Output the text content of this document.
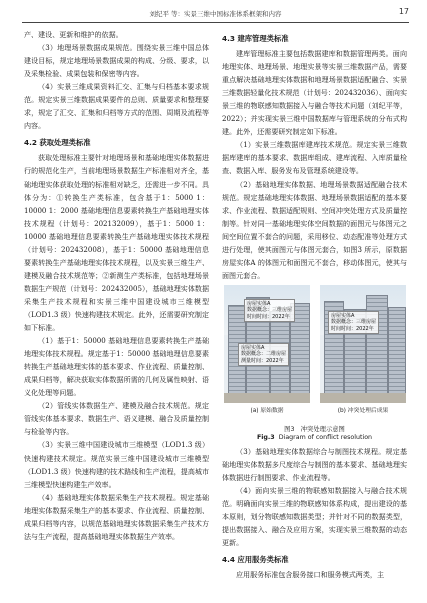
刘纪平 等：实景三维中国标准体系框架和内容	17

产、建设、更新和维护的依据。

（3）地理场景数据成果规范。围绕实景三维中国总体建设目标，规定地理场景数据成果的构成、分级、要求，以及采集检验、成果包装和保密等内容。

（4）实景三维成果资料汇交、汇集与归档基本要求规范。规定实景三维数据成果要件的总则、质量要求和整理要求，规定了汇交、汇集和归档等方式的范围、周期及流程等内容。

4.2 获取处理类标准

获取处理标准主要针对地理场景和基础地理实体数据进行的规范化生产，当前地理场景数据生产标准相对齐全，基础地理实体获取处理的标准相对缺乏，还需进一步不同。具体分为：①转换生产类标准，包含基于1：5000 1：10000 1：2000 基础地理信息要素转换生产基础地理实体技术规程（计划号：202132009），基于1：5000 1：10000 基础地理信息要素转换生产基础地理实体技术规程（计划号：202432008），基于1：50000 基础地理信息要素转换生产基础地理实体技术规程，以及实景三维生产、建模及融合技术规范等；②新测生产类标准，包括地理场景数据生产规范（计划号：202432005），基础地理实体数据采集生产技术规程和实景三维中国建设城市三维模型（LOD1.3 级）快速构建技术规定。此外，还需要研究制定如下标准。

（1）基于1：50000 基础地理信息要素转换生产基础地理实体技术规程。规定基于1：50000 基础地理信息要素转换生产基础地理实体的基本要求、作业流程、质量控制、成果归档等，解决获取实体数据所需的几何及属性映射、语义化处理等问题。

（2）管线实体数据生产、建模及融合技术规范。规定管线实体基本要求、数据生产、语义建模、融合及质量控制与检验等内容。

（3）实景三维中国建设城市三维模型（LOD1.3 级）快速构建技术规定。规范实景三维中国建设城市三维模型（LOD1.3 级）快速构建的技术路线和生产流程，提高城市三维模型快速构建生产效率。

（4）基础地理实体数据采集生产技术规程。规定基础地理实体数据采集生产的基本要求、作业流程、质量控制、成果归档等内容，以规范基础地理实体数据采集生产技术方法与生产流程，提高基础地理实体数据生产效率。

4.3 建库管理类标准

建库管理标准主要包括数据建库和数据管理两类。面向地理实体、地理场景、地理实景等实景三维数据产品，需要重点解决基础地理实体数据和地理场景数据适配融合、实景三维数据轻量化技术规范（计划号：202432036）、面向实景三维的物联感知数据接入与融合等技术问题（刘纪平等，2022）；并实现实景三维中国数据库与管理系统的分布式构建。此外，还需要研究制定如下标准。

（1）实景三维数据库建库技术规范。规定实景三维数据库建库的基本要求、数据库组成、建库流程、入库质量检查、数据入库、服务发布及管理系统建设等。

（2）基础地理实体数据、地理场景数据适配融合技术规范。规定基础地理实体数据、地理场景数据适配的基本要求、作业流程、数据适配规则、空间冲突处理方式及质量控制等。针对同一基础地理实体空间数据的面图元与体图元之间空间位置不套合的问题，采用移位、动态配准等处理方式进行处理，使其面图元与体图元套合，如图3 所示，原数据房屋实体A 的体图元和面图元不套合，移动体图元，使其与面图元套合。

房屋实体A
数据概念：三维房屋
时间时间：2022年
房屋实体A
数据概念：二维房屋
测量时间：2022年
房屋实体A
数据概念：三维房屋
时间时间：2022年
(a) 原始数据	(b) 冲突处理后成果
图3　冲突处理示意图
Fig.3 Diagram of conflict resolution

（3）基础地理实体数据综合与制图技术规程。规定基础地理实体数据多尺度综合与制图的基本要求、基础地理实体数据进行制图要求、作业流程等。

（4）面向实景三维的物联感知数据接入与融合技术规范。明确面向实景三维的物联感知体系构成，提出建设的基本原则，划分物联感知数据类型；并针对不同的数据类型，提出数据接入、融合及应用方案，实现实景三维数据的动态更新。

4.4 应用服务类标准

应用服务标准包含服务接口和服务模式两类，主
